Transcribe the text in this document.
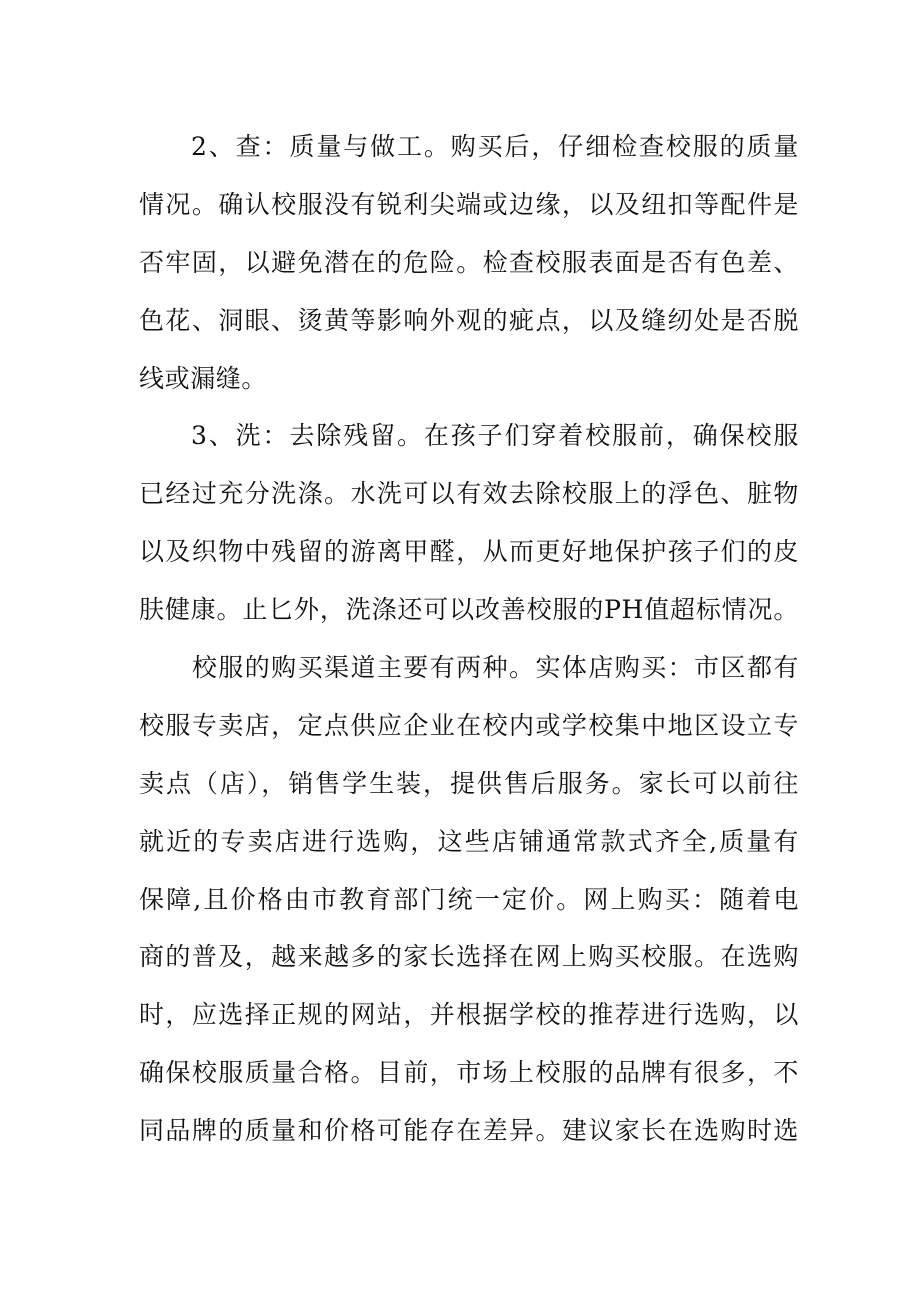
2、查：质量与做工。购买后，仔细检查校服的质量
情况。确认校服没有锐利尖端或边缘，以及纽扣等配件是
否牢固，以避免潜在的危险。检查校服表面是否有色差、
色花、洞眼、烫黄等影响外观的疵点，以及缝纫处是否脱
线或漏缝。
3、洗：去除残留。在孩子们穿着校服前，确保校服
已经过充分洗涤。水洗可以有效去除校服上的浮色、脏物
以及织物中残留的游离甲醛，从而更好地保护孩子们的皮
肤健康。止匕外，洗涤还可以改善校服的PH值超标情况。
校服的购买渠道主要有两种。实体店购买：市区都有
校服专卖店，定点供应企业在校内或学校集中地区设立专
卖点（店），销售学生装，提供售后服务。家长可以前往
就近的专卖店进行选购，这些店铺通常款式齐全,质量有
保障,且价格由市教育部门统一定价。网上购买：随着电
商的普及，越来越多的家长选择在网上购买校服。在选购
时，应选择正规的网站，并根据学校的推荐进行选购，以
确保校服质量合格。目前，市场上校服的品牌有很多，不
同品牌的质量和价格可能存在差异。建议家长在选购时选
